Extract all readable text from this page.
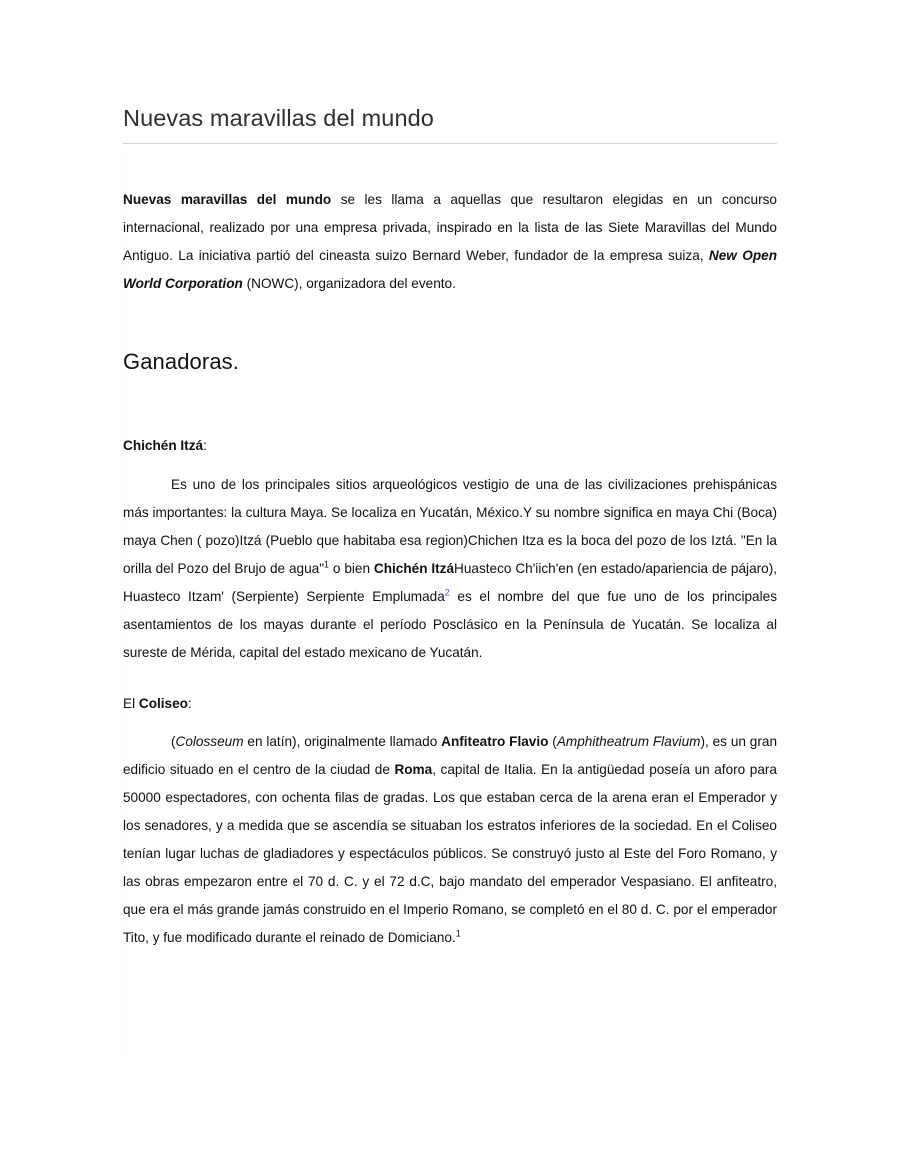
Nuevas maravillas del mundo

Nuevas maravillas del mundo se les llama a aquellas que resultaron elegidas en un concurso internacional, realizado por una empresa privada, inspirado en la lista de las Siete Maravillas del Mundo Antiguo. La iniciativa partió del cineasta suizo Bernard Weber, fundador de la empresa suiza, New Open World Corporation (NOWC), organizadora del evento.

Ganadoras.

Chichén Itzá:

Es uno de los principales sitios arqueológicos vestigio de una de las civilizaciones prehispánicas más importantes: la cultura Maya. Se localiza en Yucatán, México.Y su nombre significa en maya Chi (Boca) maya Chen ( pozo)Itzá (Pueblo que habitaba esa region)Chichen Itza es la boca del pozo de los Iztá. "En la orilla del Pozo del Brujo de agua"$^1$ o bien Chichén ItzáHuasteco Ch'iich'en (en estado/apariencia de pájaro), Huasteco Itzam' (Serpiente) Serpiente Emplumada$^2$ es el nombre del que fue uno de los principales asentamientos de los mayas durante el período Posclásico en la Península de Yucatán. Se localiza al sureste de Mérida, capital del estado mexicano de Yucatán.

El Coliseo:

(Colosseum en latín), originalmente llamado Anfiteatro Flavio (Amphitheatrum Flavium), es un gran edificio situado en el centro de la ciudad de Roma, capital de Italia. En la antigüedad poseía un aforo para 50000 espectadores, con ochenta filas de gradas. Los que estaban cerca de la arena eran el Emperador y los senadores, y a medida que se ascendía se situaban los estratos inferiores de la sociedad. En el Coliseo tenían lugar luchas de gladiadores y espectáculos públicos. Se construyó justo al Este del Foro Romano, y las obras empezaron entre el 70 d. C. y el 72 d.C, bajo mandato del emperador Vespasiano. El anfiteatro, que era el más grande jamás construido en el Imperio Romano, se completó en el 80 d. C. por el emperador Tito, y fue modificado durante el reinado de Domiciano.$^1$
